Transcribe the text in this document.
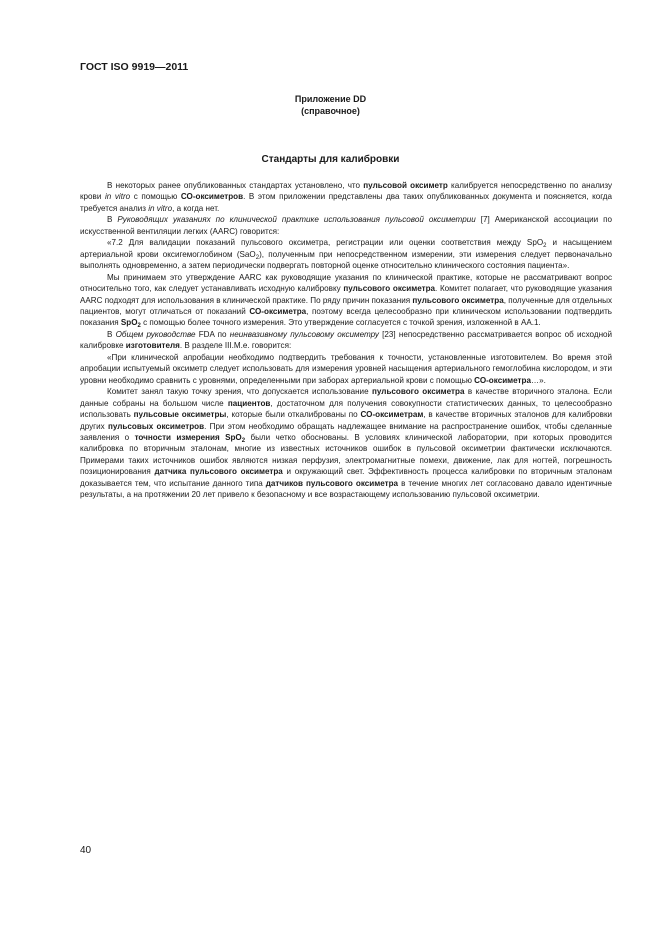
ГОСТ ISO 9919—2011
Приложение DD
(справочное)
Стандарты для калибровки

В некоторых ранее опубликованных стандартах установлено, что пульсовой оксиметр калибруется непосредственно по анализу крови in vitro с помощью СО-оксиметров. В этом приложении представлены два таких опубликованных документа и поясняется, когда требуется анализ in vitro, а когда нет.

В Руководящих указаниях по клинической практике использования пульсовой оксиметрии [7] Американской ассоциации по искусственной вентиляции легких (AARC) говорится:

«7.2 Для валидации показаний пульсового оксиметра, регистрации или оценки соответствия между SpO$_2$ и насыщением артериальной крови оксигемоглобином (SaO$_2$), полученным при непосредственном измерении, эти измерения следует первоначально выполнять одновременно, а затем периодически подвергать повторной оценке относительно клинического состояния пациента».

Мы принимаем это утверждение AARC как руководящие указания по клинической практике, которые не рассматривают вопрос относительно того, как следует устанавливать исходную калибровку пульсового оксиметра. Комитет полагает, что руководящие указания AARC подходят для использования в клинической практике. По ряду причин показания пульсового оксиметра, полученные для отдельных пациентов, могут отличаться от показаний СО-оксиметра, поэтому всегда целесообразно при клиническом использовании подтвердить показания SpO$_2$ с помощью более точного измерения. Это утверждение согласуется с точкой зрения, изложенной в АА.1.

В Общем руководстве FDA по неинвазивному пульсовому оксиметру [23] непосредственно рассматривается вопрос об исходной калибровке изготовителя. В разделе III.M.e. говорится:

«При клинической апробации необходимо подтвердить требования к точности, установленные изготовителем. Во время этой апробации испытуемый оксиметр следует использовать для измерения уровней насыщения артериального гемоглобина кислородом, и эти уровни необходимо сравнить с уровнями, определенными при заборах артериальной крови с помощью СО-оксиметра…».

Комитет занял такую точку зрения, что допускается использование пульсового оксиметра в качестве вторичного эталона. Если данные собраны на большом числе пациентов, достаточном для получения совокупности статистических данных, то целесообразно использовать пульсовые оксиметры, которые были откалиброваны по СО-оксиметрам, в качестве вторичных эталонов для калибровки других пульсовых оксиметров. При этом необходимо обращать надлежащее внимание на распространение ошибок, чтобы сделанные заявления о точности измерения SpO$_2$ были четко обоснованы. В условиях клинической лаборатории, при которых проводится калибровка по вторичным эталонам, многие из известных источников ошибок в пульсовой оксиметрии фактически исключаются. Примерами таких источников ошибок являются низкая перфузия, электромагнитные помехи, движение, лак для ногтей, погрешность позиционирования датчика пульсового оксиметра и окружающий свет. Эффективность процесса калибровки по вторичным эталонам доказывается тем, что испытание данного типа датчиков пульсового оксиметра в течение многих лет согласовано давало идентичные результаты, а на протяжении 20 лет привело к безопасному и все возрастающему использованию пульсовой оксиметрии.

40
